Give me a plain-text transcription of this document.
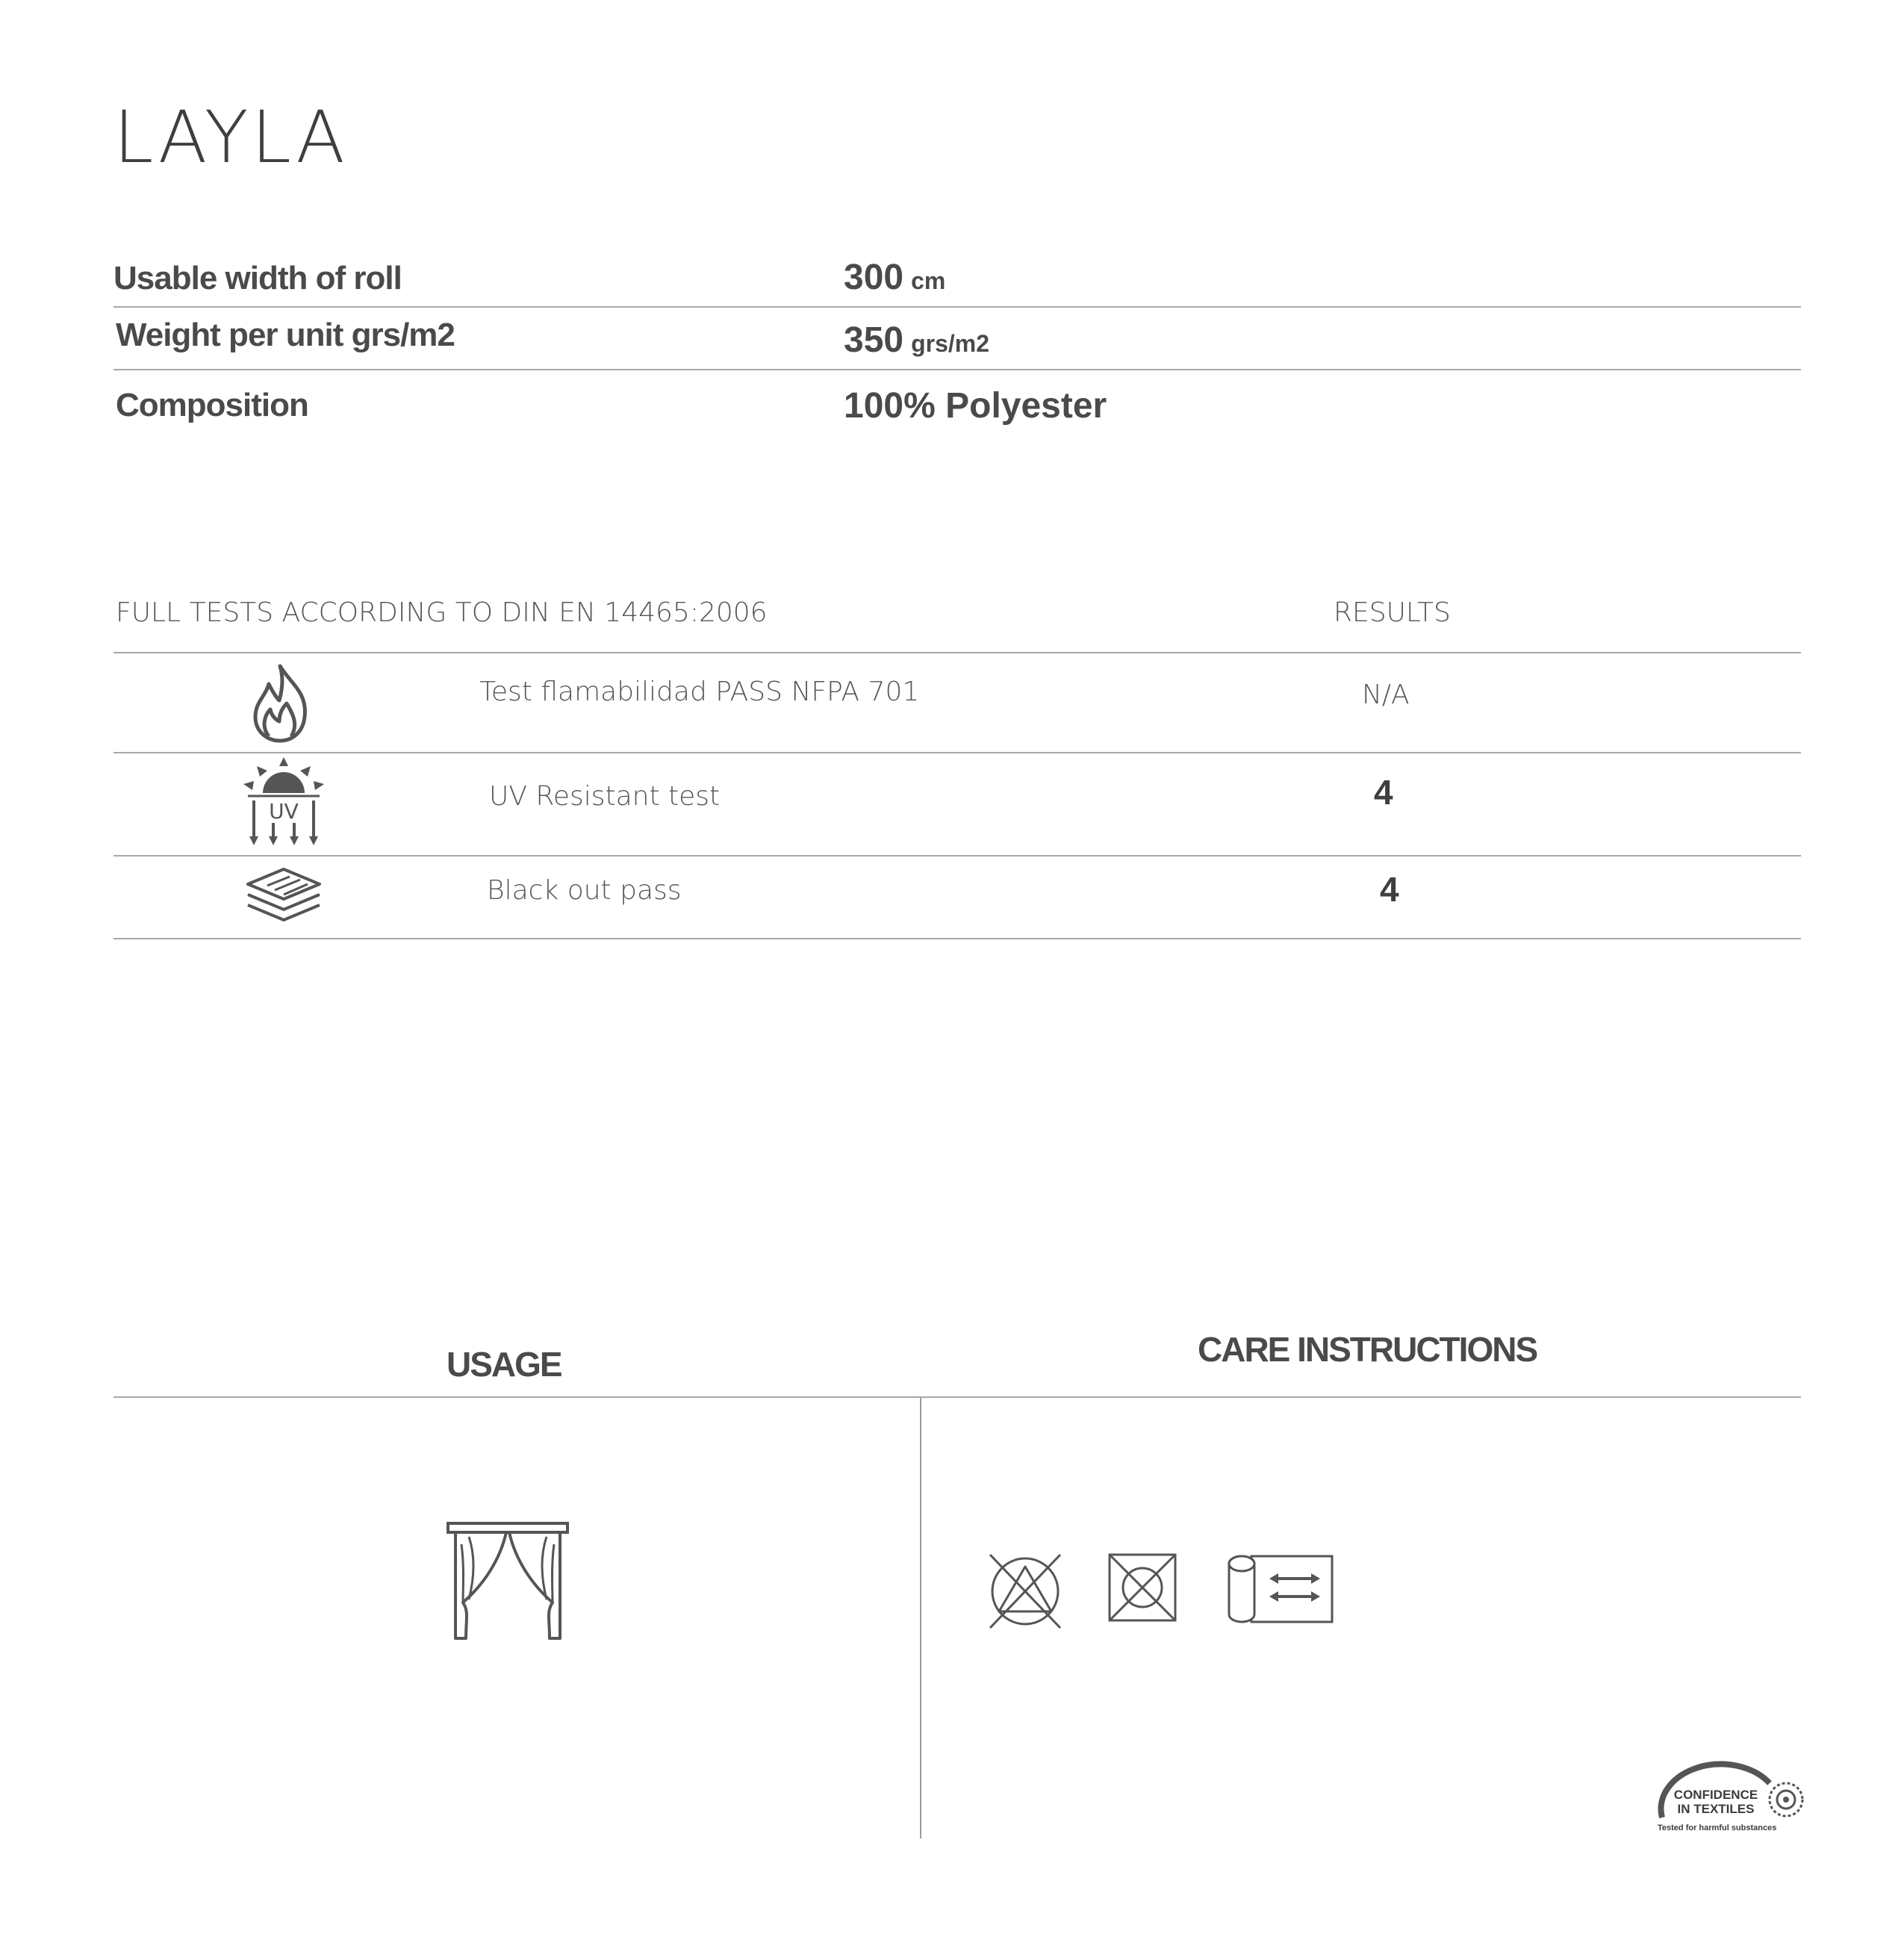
LAYLA
Usable width of roll	300 cm
Weight per unit grs/m2	350 grs/m2
Composition	100% Polyester
FULL TESTS ACCORDING TO DIN EN 14465:2006	RESULTS
Test flamabilidad PASS NFPA 701	N/A
UV	UV Resistant test	4
Black out pass	4
USAGE	CARE INSTRUCTIONS
CONFIDENCE
IN TEXTILES
Tested for harmful substances
